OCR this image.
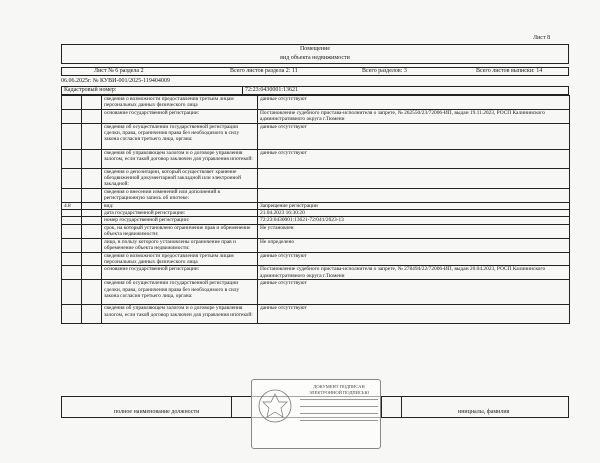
Лист 8
Помещение
вид объекта недвижимости
Лист № 6 раздела 2	Всего листов раздела 2: 11	Всего разделов: 3	Всего листов выписки: 14
06.06.2025г. № КУВИ-001/2025-119404009
Кадастровый номер:	72:23:0430001:13621
		сведения о возможности предоставления третьим лицам персональных данных физического лица	данные отсутствуют
		основание государственной регистрации:	Постановление судебного пристава-исполнителя о запрете, № 262550/23/72006-ИП, выдан 19.11.2023, РОСП Калининского административного округа г.Тюмени
		сведения об осуществлении государственной регистрации сделки, права, ограничения права без необходимого в силу закона согласия третьего лица, органа:	данные отсутствуют
		сведения об управляющем залогом и о договоре управления залогом, если такой договор заключен для управления ипотекой:	данные отсутствуют
		сведения о депозитарии, который осуществляет хранение обездвиженной документарной закладной или электронной закладной:	
		сведения о внесении изменений или дополнений в регистрационную запись об ипотеке:	
4.8		вид:	Запрещение регистрации
		дата государственной регистрации:	21.04.2023 16:30:20
		номер государственной регистрации:	72:23:0430001:13621-72/041/2023-13
		срок, на который установлено ограничение прав и обременение объекта недвижимости:	Не установлен
		лицо, в пользу которого установлены ограничение прав и обременение объекта недвижимости:	Не определено
		сведения о возможности предоставления третьим лицам персональных данных физического лица	данные отсутствуют
		основание государственной регистрации:	Постановление судебного пристава-исполнителя о запрете, № 278494/22/72006-ИП, выдан 20.04.2023, РОСП Калининского административного округа г.Тюмени
		сведения об осуществлении государственной регистрации сделки, права, ограничения права без необходимого в силу закона согласия третьего лица, органа:	данные отсутствуют
		сведения об управляющем залогом и о договоре управления залогом, если такой договор заключен для управления ипотекой:	данные отсутствуют
полное наименование должности	инициалы, фамилия
ДОКУМЕНТ ПОДПИСАН
ЭЛЕКТРОННОЙ ПОДПИСЬЮ
